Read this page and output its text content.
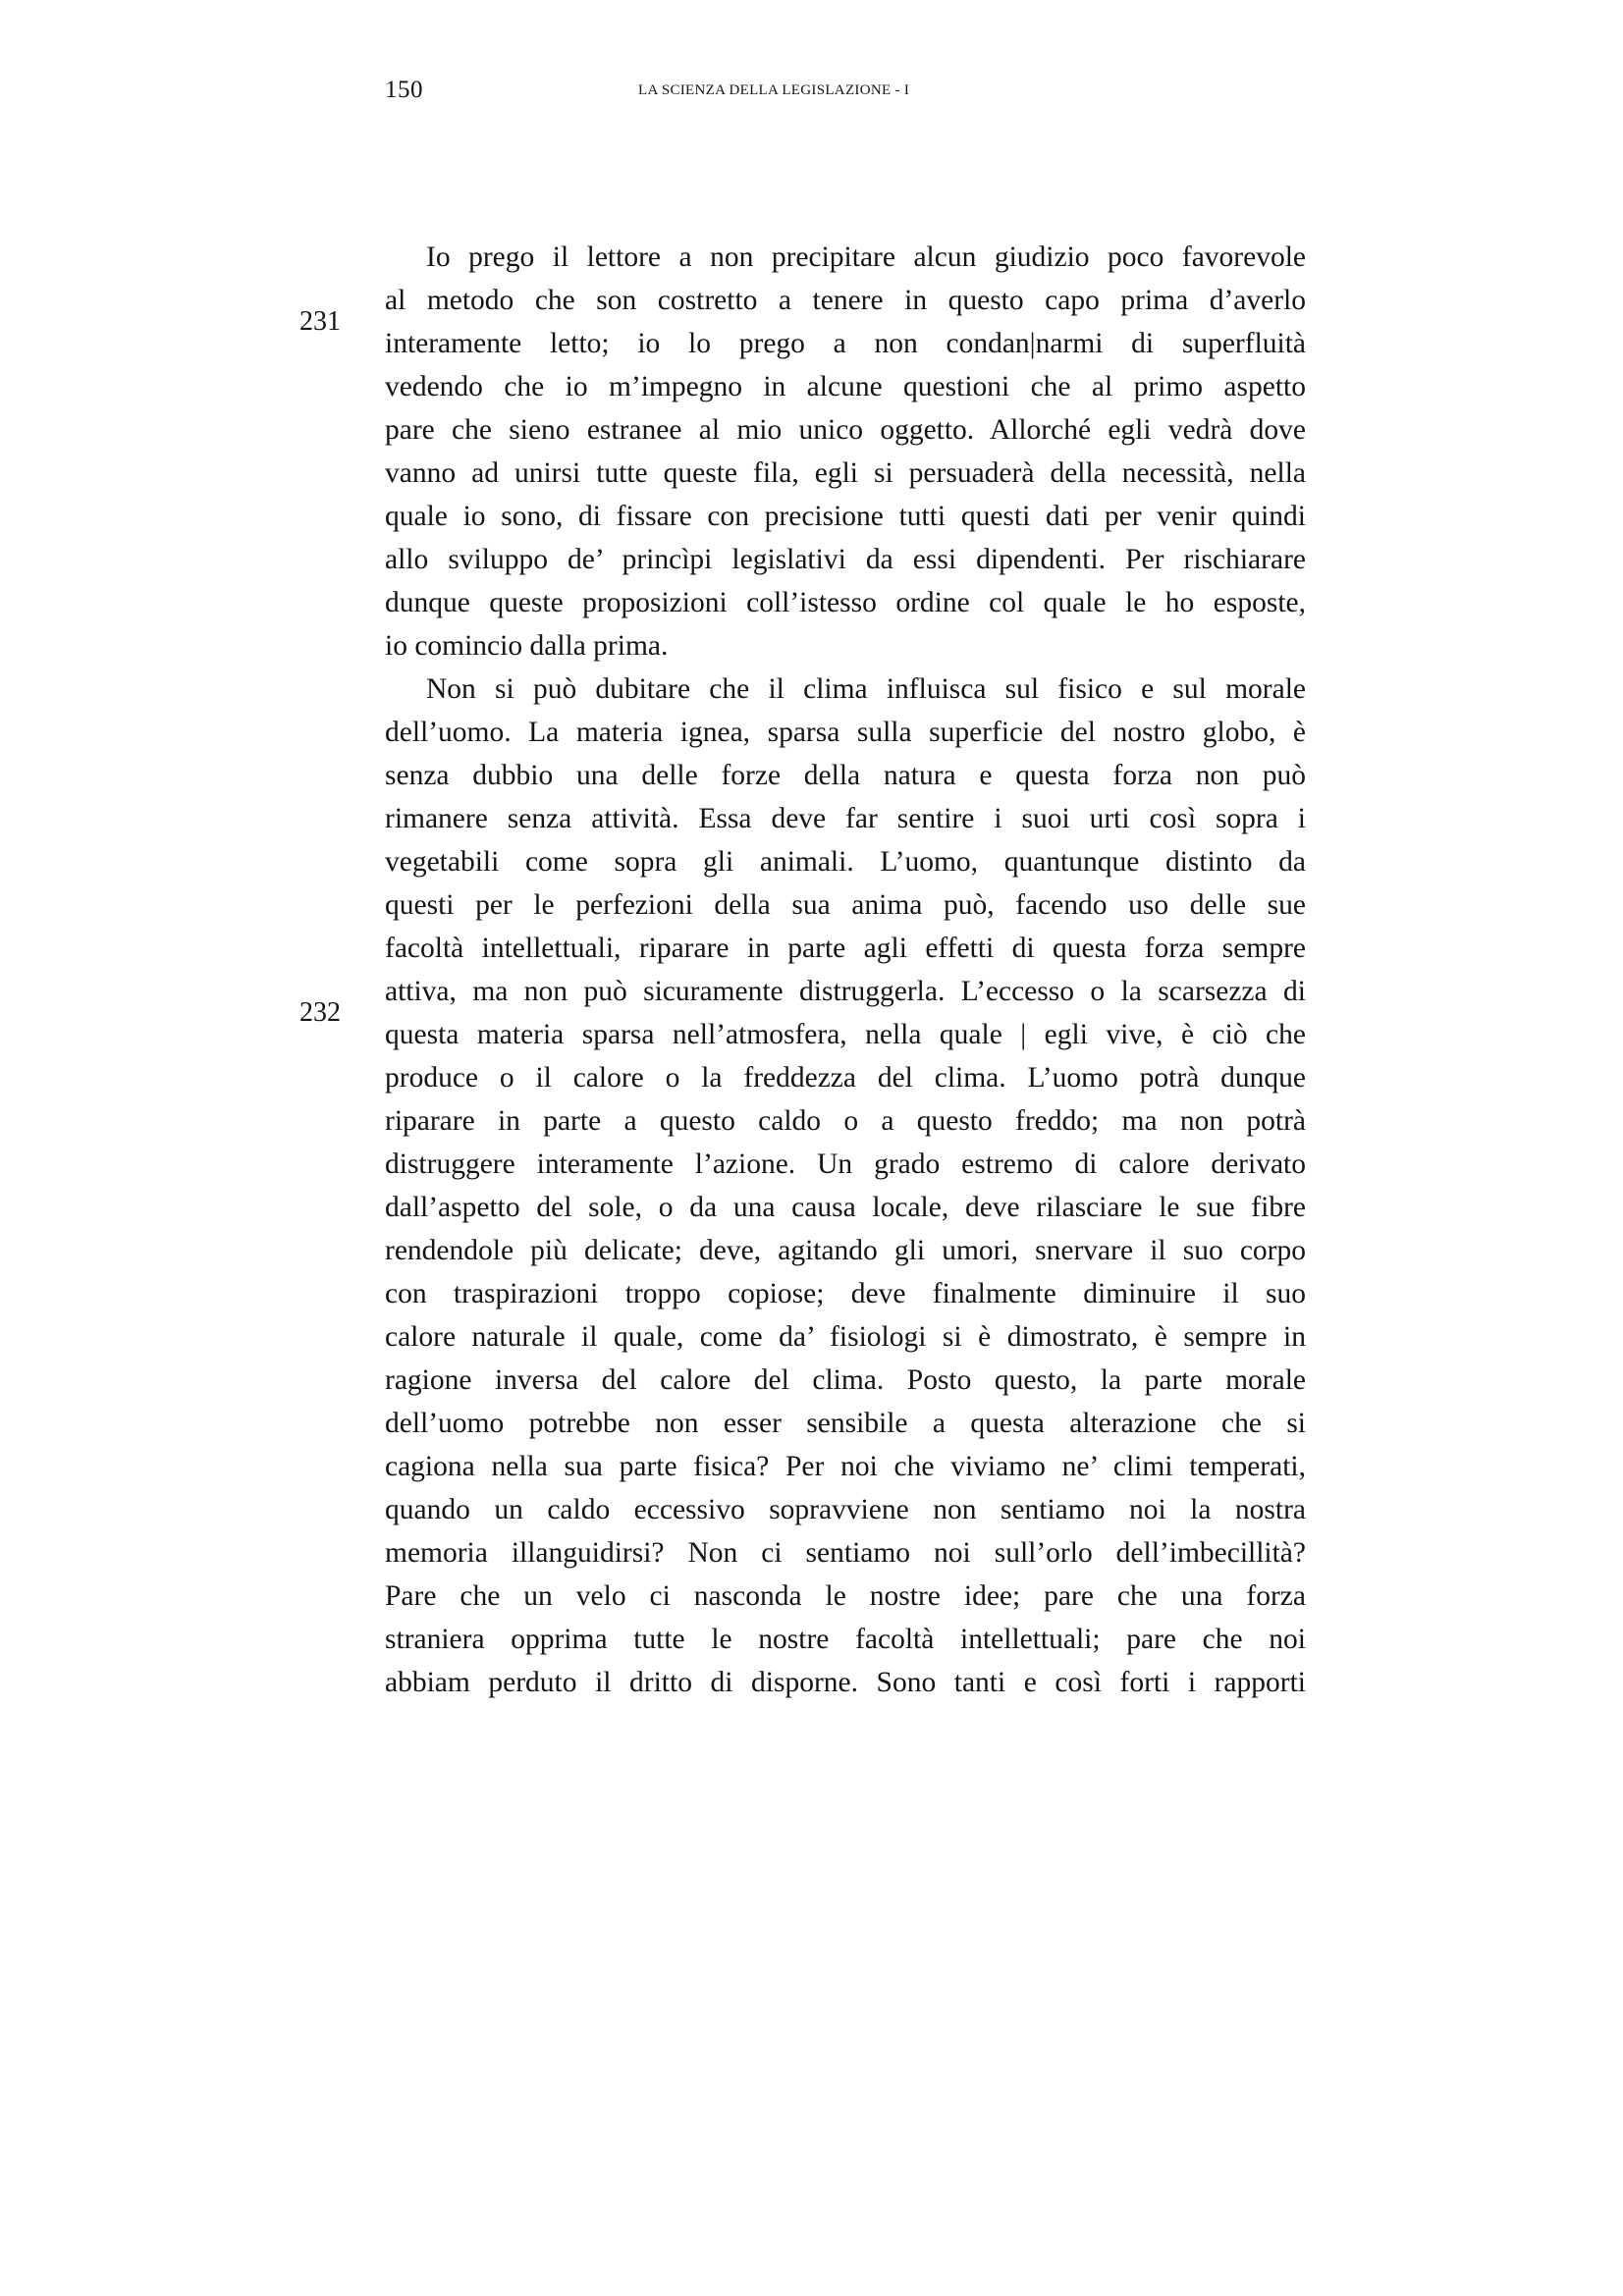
150	LA SCIENZA DELLA LEGISLAZIONE - I
231
232
Io prego il lettore a non precipitare alcun giudizio poco favorevole
al metodo che son costretto a tenere in questo capo prima d’averlo
interamente letto; io lo prego a non condan|narmi di superfluità
vedendo che io m’impegno in alcune questioni che al primo aspetto
pare che sieno estranee al mio unico oggetto. Allorché egli vedrà dove
vanno ad unirsi tutte queste fila, egli si persuaderà della necessità, nella
quale io sono, di fissare con precisione tutti questi dati per venir quindi
allo sviluppo de’ princìpi legislativi da essi dipendenti. Per rischiarare
dunque queste proposizioni coll’istesso ordine col quale le ho esposte,
io comincio dalla prima.
Non si può dubitare che il clima influisca sul fisico e sul morale
dell’uomo. La materia ignea, sparsa sulla superficie del nostro globo, è
senza dubbio una delle forze della natura e questa forza non può
rimanere senza attività. Essa deve far sentire i suoi urti così sopra i
vegetabili come sopra gli animali. L’uomo, quantunque distinto da
questi per le perfezioni della sua anima può, facendo uso delle sue
facoltà intellettuali, riparare in parte agli effetti di questa forza sempre
attiva, ma non può sicuramente distruggerla. L’eccesso o la scarsezza di
questa materia sparsa nell’atmosfera, nella quale | egli vive, è ciò che
produce o il calore o la freddezza del clima. L’uomo potrà dunque
riparare in parte a questo caldo o a questo freddo; ma non potrà
distruggere interamente l’azione. Un grado estremo di calore derivato
dall’aspetto del sole, o da una causa locale, deve rilasciare le sue fibre
rendendole più delicate; deve, agitando gli umori, snervare il suo corpo
con traspirazioni troppo copiose; deve finalmente diminuire il suo
calore naturale il quale, come da’ fisiologi si è dimostrato, è sempre in
ragione inversa del calore del clima. Posto questo, la parte morale
dell’uomo potrebbe non esser sensibile a questa alterazione che si
cagiona nella sua parte fisica? Per noi che viviamo ne’ climi temperati,
quando un caldo eccessivo sopravviene non sentiamo noi la nostra
memoria illanguidirsi? Non ci sentiamo noi sull’orlo dell’imbecillità?
Pare che un velo ci nasconda le nostre idee; pare che una forza
straniera opprima tutte le nostre facoltà intellettuali; pare che noi
abbiam perduto il dritto di disporne. Sono tanti e così forti i rapporti
